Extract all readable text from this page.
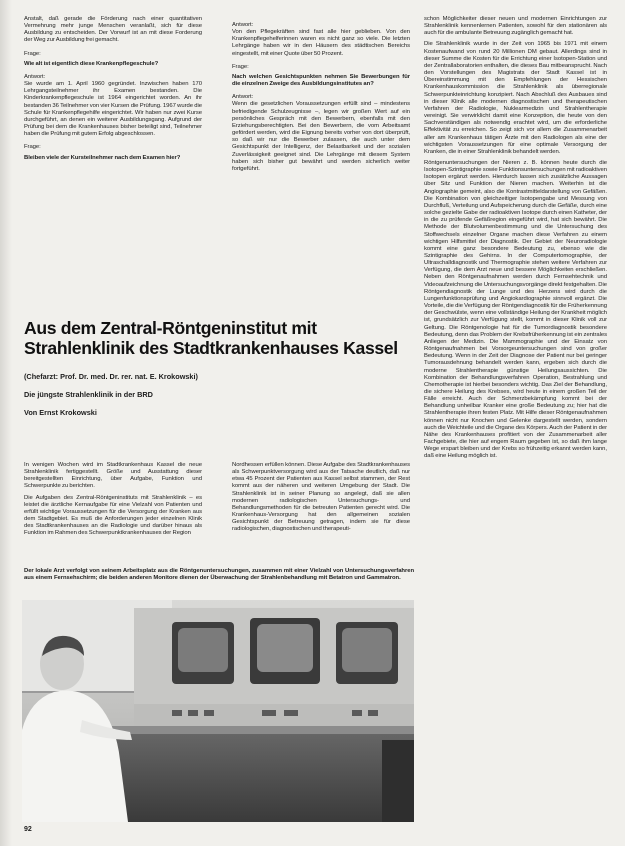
Anstalt, daß gerade die Förderung nach einer quantitativen Vermehrung mehr junge Menschen veranlaßt, sich für diese Ausbildung zu entscheiden. Der Vorwurf ist an mit diese Forderung der Weg zur Ausbildung frei gemacht.

Frage:

Wie alt ist eigentlich diese Krankenpflegeschule?

Antwort:

Sie wurde am 1. April 1960 gegründet. Inzwischen haben 170 Lehrgangsteilnehmer ihr Examen bestanden. Die Kinderkrankenpflegeschule ist 1964 eingerichtet worden. An ihr bestanden 36 Teilnehmer von vier Kursen die Prüfung. 1967 wurde die Schule für Krankenpflegehilfe eingerichtet. Wir haben nur zwei Kurse durchgeführt, an denen ein weiterer Ausbildungsgang. Aufgrund der Prüfung bei dem die Krankenhauses bisher beteiligt sind, Teilnehmer haben die Prüfung mit gutem Erfolg abgeschlossen.

Frage:

Bleiben viele der Kursteilnehmer nach dem Examen hier?

Antwort:

Von den Pflegekräften sind fast alle hier geblieben. Von den Krankenpflegehelferinnen waren es nicht ganz so viele. Die letzten Lehrgänge haben wir in den Häusern des städtischen Bereichs eingestellt, mit einer Quote über 50 Prozent.

Frage:

Nach welchen Gesichtspunkten nehmen Sie Bewerbungen für die einzelnen Zweige des Ausbildungsinstitutes an?

Antwort:

Wenn die gesetzlichen Voraussetzungen erfüllt sind – mindestens befriedigende Schulzeugnisse –, legen wir großen Wert auf ein persönliches Gespräch mit den Bewerbern, ebenfalls mit den Erziehungsberechtigten. Bei den Bewerbern, die vom Arbeitsamt gefördert werden, wird die Eignung bereits vorher von dort überprüft, so daß wir nur die Bewerber zulassen, die auch unter dem Gesichtspunkt der Intelligenz, der Belastbarkeit und der sozialen Zuverlässigkeit geeignet sind. Die Lehrgänge mit diesem System haben sich bisher gut bewährt und werden sicherlich weiter fortgeführt.

schon Möglichkeiter dieser neuen und modernen Einrichtungen zur Strahlenklinik kennenlernen Patienten, sowohl für den stationären als auch für die ambulante Betreuung zugänglich gemacht hat.

Die Strahlenklinik wurde in der Zeit von 1965 bis 1971 mit einem Kostenaufwand von rund 20 Millionen DM gebaut. Allerdings sind in dieser Summe die Kosten für die Errichtung einer Isotopen-Station und der Zentrallaboratorien enthalten, die dieses Bau mitbeansprucht. Nach den Vorstellungen des Magistrats der Stadt Kassel ist in Übereinstimmung mit den Empfehlungen der Hessischen Krankenhauskommission die Strahlenklinik als überregionale Schwerpunkteinrichtung konzipiert. Nach Abschluß des Ausbaues sind in dieser Klinik alle modernen diagnostischen und therapeutischen Verfahren der Radiologie, Nuklearmedizin und Strahlentherapie vereinigt. Sie verwirklicht damit eine Konzeption, die heute von den Sachverständigen als notwendig erachtet wird, um die erforderliche Effektivität zu erreichen. So zeigt sich vor allem die Zusammenarbeit aller am Krankenhaus tätigen Ärzte mit den Radiologen als eine der wichtigsten Voraussetzungen für eine optimale Versorgung der Kranken, die in einer Strahlenklinik behandelt werden.

Röntgenuntersuchungen der Nieren z. B. können heute durch die Isotopen-Szintigraphie sowie Funktionsuntersuchungen mit radioaktiven Isotopen ergänzt werden. Hierdurch lassen sich zusätzliche Aussagen über Sitz und Funktion der Nieren machen. Weiterhin ist die Angiographie gemeint, also die Kontrastmitteldarstellung von Gefäßen. Die Kombination von gleichzeitiger Isotopengabe und Messung von Durchfluß, Verteilung und Aufspeicherung durch die Gefäße, durch eine solche gezielte Gabe der radioaktiven Isotope durch einen Katheter, der in die zu prüfende Gefäßregion eingeführt wird, hat sich bewährt. Die Methode der Blutvolumenbestimmung und die Untersuchung des Stoffwechsels einzelner Organe machen diese Verfahren zu einem wichtigen Hilfsmittel der Diagnostik. Der Gebiet der Neuroradiologie kommt eine ganz besondere Bedeutung zu, ebenso wie die Szintigraphie des Gehirns. In der Computertomographie, der Ultraschalldiagnostik und Thermographie stehen weitere Verfahren zur Verfügung, die dem Arzt neue und bessere Möglichkeiten erschließen. Neben den Röntgenaufnahmen werden durch Fernsehtechnik und Videoaufzeichnung die Untersuchungsvorgänge direkt festgehalten. Die Röntgendiagnostik der Lunge und des Herzens wird durch die Lungenfunktionsprüfung und Angiokardiographie sinnvoll ergänzt. Die Vorteile, die die Verfügung der Röntgendiagnostik für die Früherkennung der Geschwülste, wenn eine vollständige Heilung der Krankheit möglich ist, grundsätzlich zur Verfügung stellt, kommt in dieser Klinik voll zur Geltung. Die Röntgenologie hat für die Tumordiagnostik besondere Bedeutung, denn das Problem der Krebsfrüherkennung ist ein zentrales Anliegen der Medizin. Die Mammographie und der Einsatz von Röntgenaufnahmen bei Vorsorgeuntersuchungen sind von großer Bedeutung. Wenn in der Zeit der Diagnose der Patient nur bei geringer Tumorausdehnung behandelt werden kann, ergeben sich durch die moderne Strahlentherapie günstige Heilungsaussichten. Die Kombination der Behandlungsverfahren Operation, Bestrahlung und Chemotherapie ist hierbei besonders wichtig. Das Ziel der Behandlung, die sichere Heilung des Krebses, wird heute in einem großen Teil der Fälle erreicht. Auch der Schmerzbekämpfung kommt bei der Behandlung unheilbar Kranker eine große Bedeutung zu; hier hat die Strahlentherapie ihren festen Platz. Mit Hilfe dieser Röntgenaufnahmen können nicht nur Knochen und Gelenke dargestellt werden, sondern auch die Weichteile und die Organe des Körpers. Auch der Patient in der Nähe des Krankenhauses profitiert von der Zusammenarbeit aller Fachgebiete, die hier auf engem Raum gegeben ist, so daß ihm lange Wege erspart bleiben und der Krebs so frühzeitig erkannt werden kann, daß eine Heilung möglich ist.

Aus dem Zentral-Röntgeninstitut mit Strahlenklinik des Stadtkrankenhauses Kassel

(Chefarzt: Prof. Dr. med. Dr. rer. nat. E. Krokowski)

Die jüngste Strahlenklinik in der BRD

Von Ernst Krokowski

In wenigen Wochen wird im Stadtkrankenhaus Kassel die neue Strahlenklinik fertiggestellt. Größe und Ausstattung dieser bereitgestellten Einrichtung, über Aufgabe, Funktion und Schwerpunkte zu berichten.

Die Aufgaben des Zentral-Röntgeninstituts mit Strahlenklinik – es leistet die ärztliche Kernaufgabe für eine Vielzahl von Patienten und erfüllt wichtige Voraussetzungen für die Versorgung der Kranken aus dem Stadtgebiet. Es muß die Anforderungen jeder einzelnen Klinik des Stadtkrankenhauses an die Radiologie und darüber hinaus als Funktion im Rahmen des Schwerpunktkrankenhauses der Region

Nordhessen erfüllen können. Diese Aufgabe des Stadtkrankenhauses als Schwerpunktversorgung wird aus der Tatsache deutlich, daß nur etwa 45 Prozent der Patienten aus Kassel selbst stammen, der Rest kommt aus der näheren und weiteren Umgebung der Stadt. Die Strahlenklinik ist in seiner Planung so angelegt, daß sie allen modernen radiologischen Untersuchungs- und Behandlungsmethoden für die betreuten Patienten gerecht wird. Die Krankenhaus-Versorgung hat den allgemeinen sozialen Gesichtspunkt der Betreuung getragen, indem sie für diese radiologischen, diagnostischen und therapeuti-

Der lokale Arzt verfolgt von seinem Arbeitsplatz aus die Röntgenuntersuchungen, zusammen mit einer Vielzahl von Untersuchungsverfahren aus einem Fernsehschirm; die beiden anderen Monitore dienen der Überwachung der Strahlenbehandlung mit Betatron und Gammatron.

92
